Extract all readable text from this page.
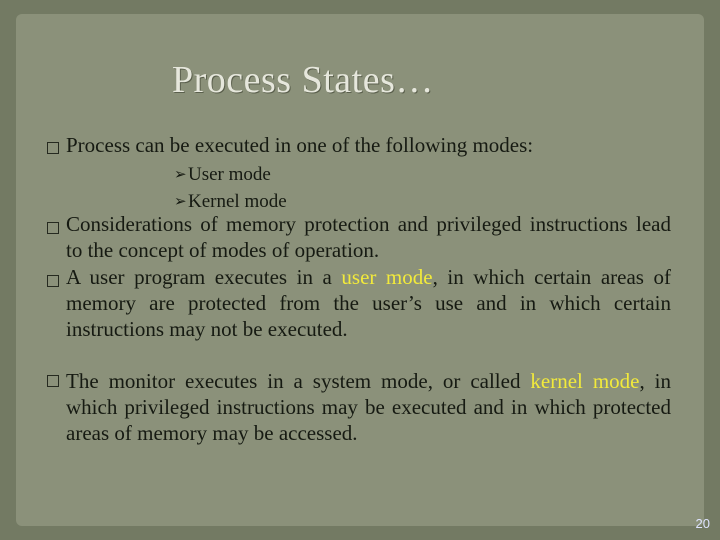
Process States…
Process can be executed in one of the following modes:
➢User mode
➢Kernel mode
Considerations of memory protection and privileged instructions lead to the concept of modes of operation.
A user program executes in a user mode, in which certain areas of memory are protected from the user’s use and in which certain instructions may not be executed.
The monitor executes in a system mode, or called kernel mode, in which privileged instructions may be executed and in which protected areas of memory may be accessed.
20
